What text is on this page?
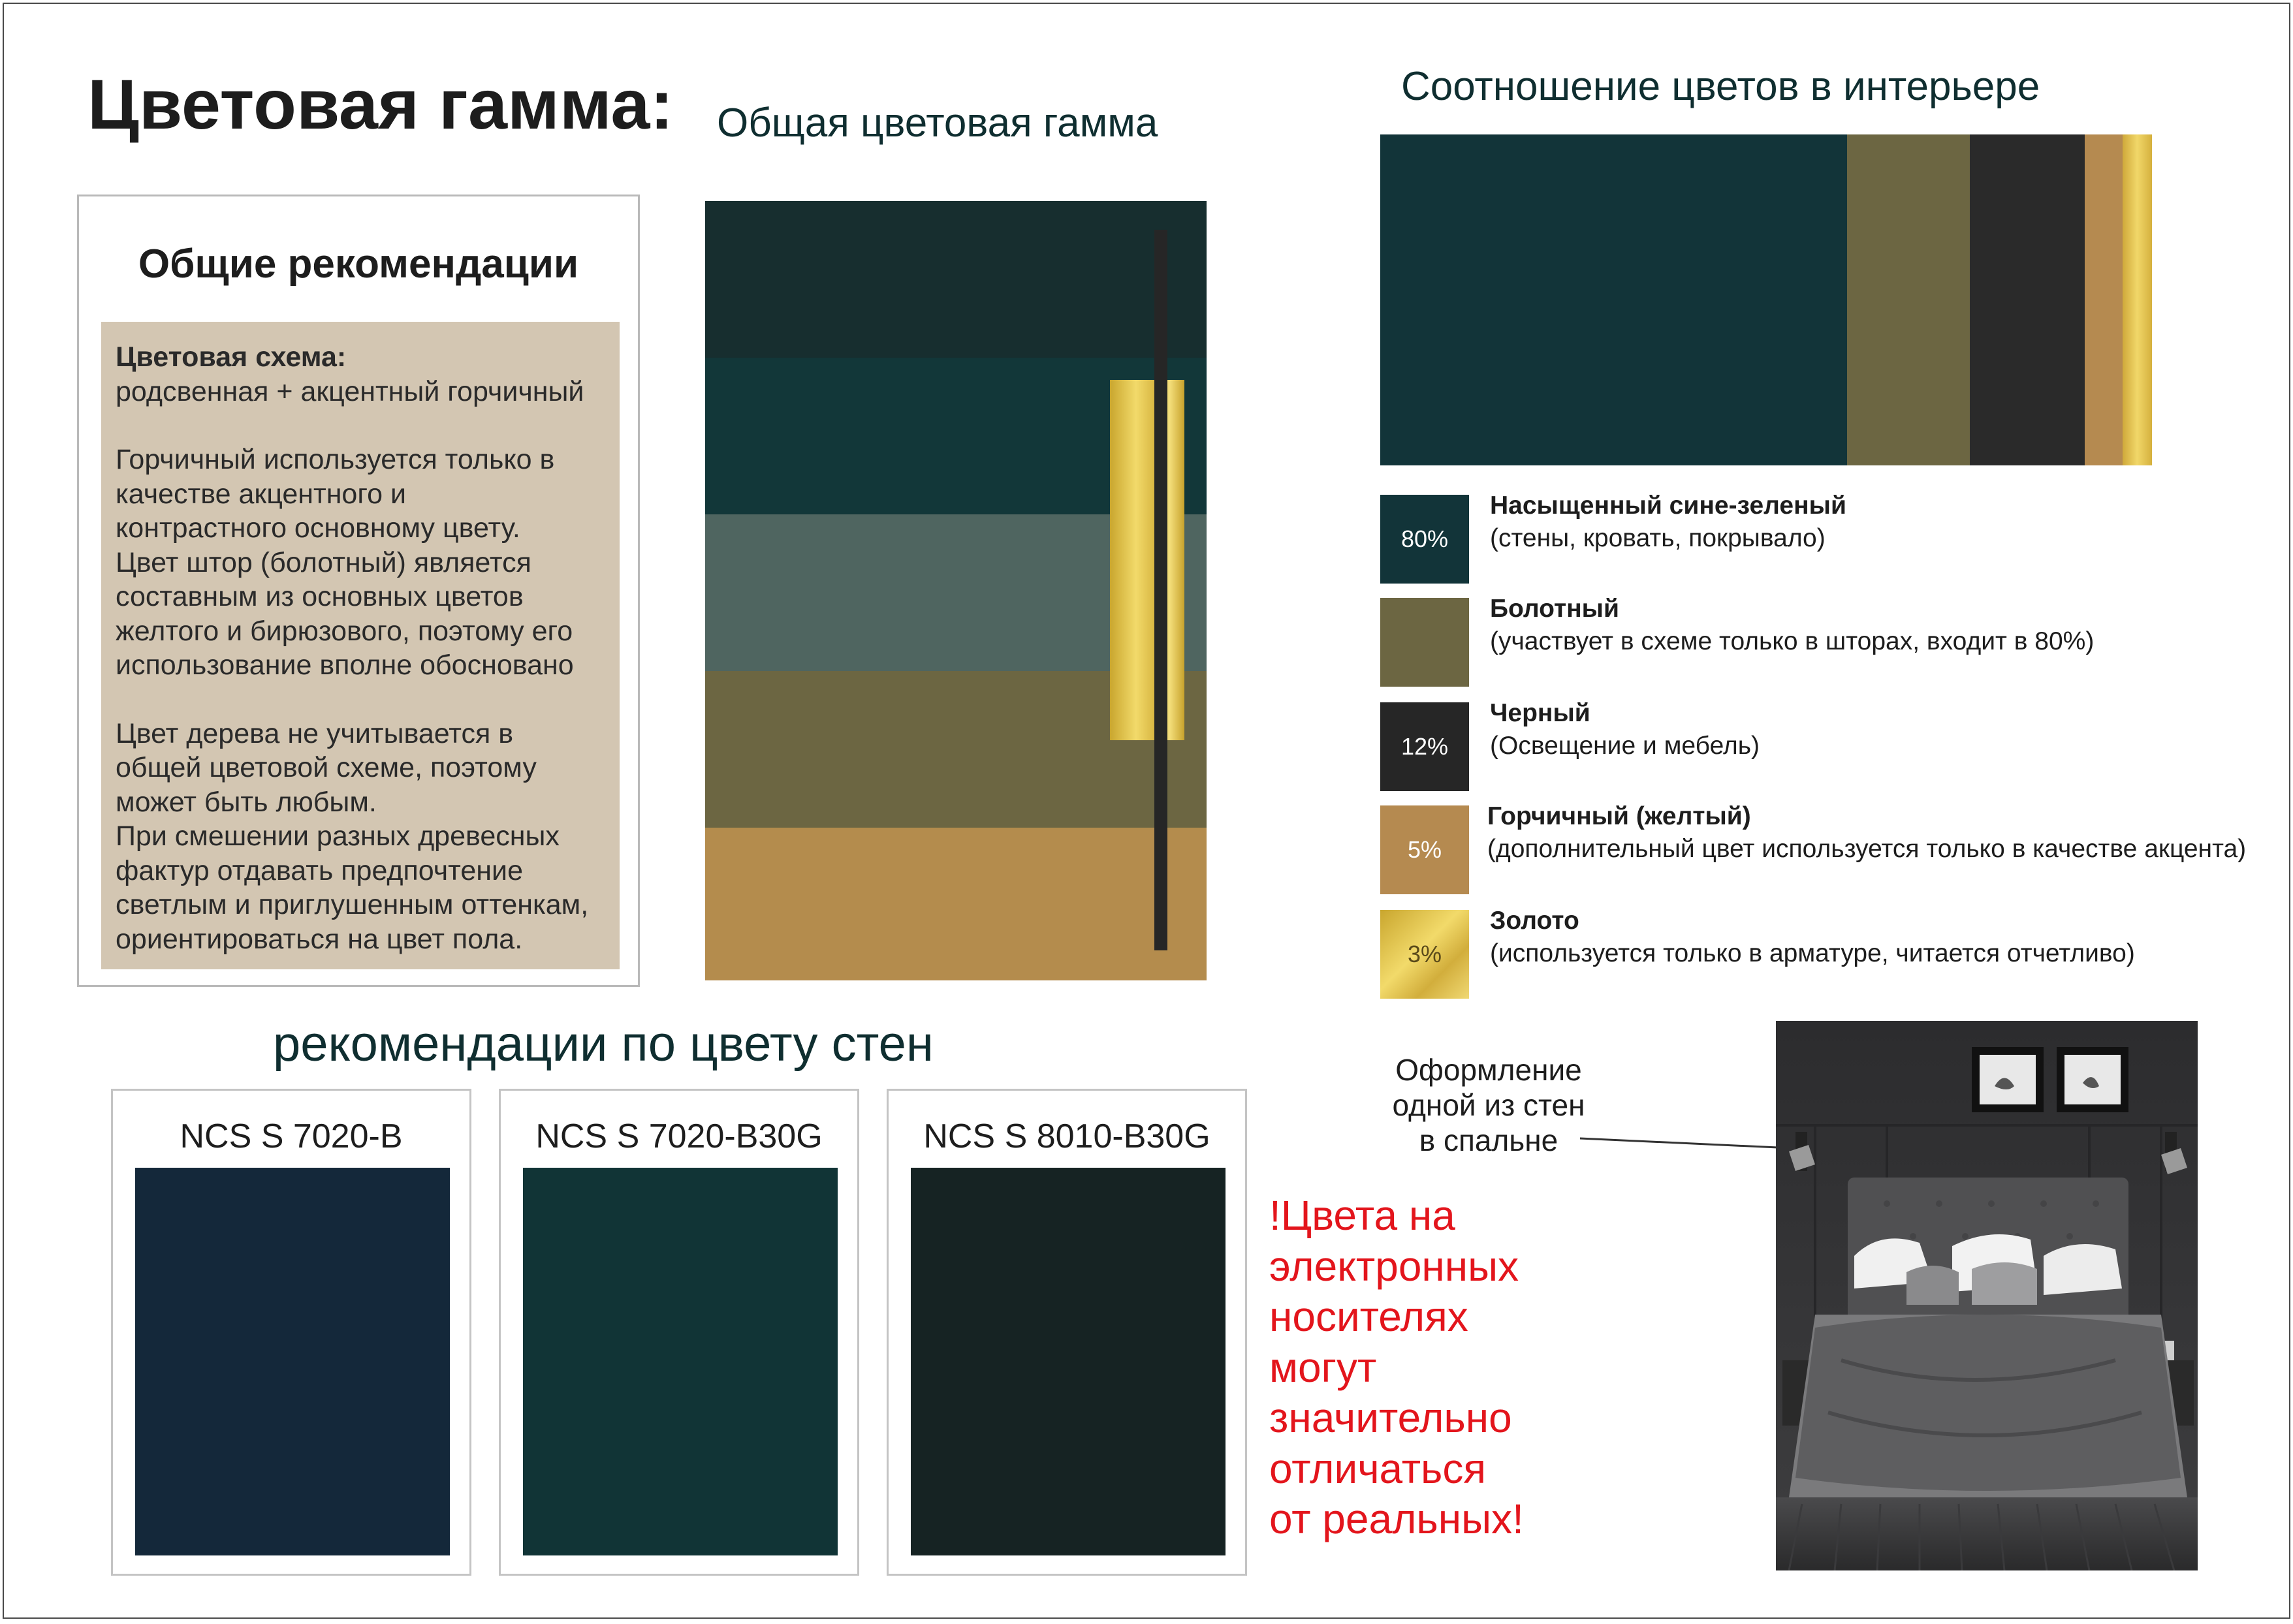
Цветовая гамма: Общая цветовая гамма
Соотношение цветов в интерьере
рекомендации по цвету стен
Общие рекомендации
Цветовая схема:

родсвенная + акцентный горчичный

Горчичный используется только в

качестве акцентного и

контрастного основному цвету.

Цвет штор (болотный) является

составным из основных цветов

желтого и бирюзового, поэтому его

использование вполне обосновано

Цвет дерева не учитывается в

общей цветовой схеме, поэтому

может быть любым.

При смешении разных древесных

фактур отдавать предпочтение

светлым и приглушенным оттенкам,

ориентироваться на цвет пола.

80%
Насыщенный сине-зеленый
(стены, кровать, покрывало)
Болотный
(участвует в схеме только в шторах, входит в 80%)
12%
Черный
(Освещение и мебель)
5%
Горчичный (желтый)
(дополнительный цвет используется только в качестве акцента)
3%
Золото
(используется только в арматуре, читается отчетливо)
NCS S 7020-B	NCS S 7020-B30G	NCS S 8010-B30G
!Цвета на
электронных
носителях
могут
значительно
отличаться
от реальных!
Оформление
одной из стен
в спальне
